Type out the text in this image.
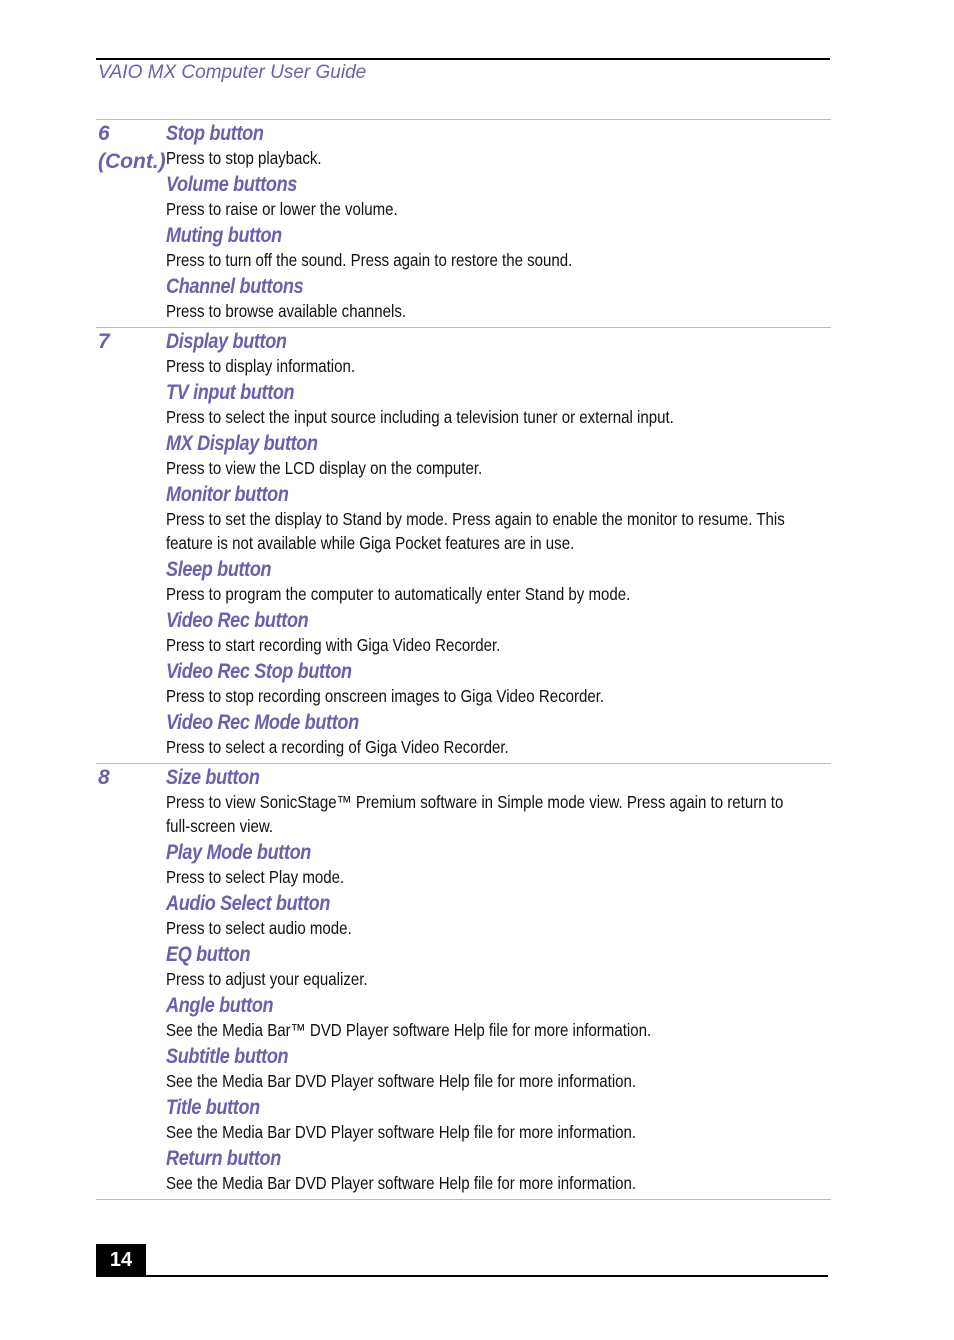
VAIO MX Computer User Guide
6
(Cont.)
Stop button
Press to stop playback.
Volume buttons
Press to raise or lower the volume.
Muting button
Press to turn off the sound. Press again to restore the sound.
Channel buttons
Press to browse available channels.
7	Display button
Press to display information.
TV input button
Press to select the input source including a television tuner or external input.
MX Display button
Press to view the LCD display on the computer.
Monitor button
Press to set the display to Stand by mode. Press again to enable the monitor to resume. This feature is not available while Giga Pocket features are in use.
Sleep button
Press to program the computer to automatically enter Stand by mode.
Video Rec button
Press to start recording with Giga Video Recorder.
Video Rec Stop button
Press to stop recording onscreen images to Giga Video Recorder.
Video Rec Mode button
Press to select a recording of Giga Video Recorder.
8	Size button
Press to view SonicStage™ Premium software in Simple mode view. Press again to return to full-screen view.
Play Mode button
Press to select Play mode.
Audio Select button
Press to select audio mode.
EQ button
Press to adjust your equalizer.
Angle button
See the Media Bar™ DVD Player software Help file for more information.
Subtitle button
See the Media Bar DVD Player software Help file for more information.
Title button
See the Media Bar DVD Player software Help file for more information.
Return button
See the Media Bar DVD Player software Help file for more information.
14
